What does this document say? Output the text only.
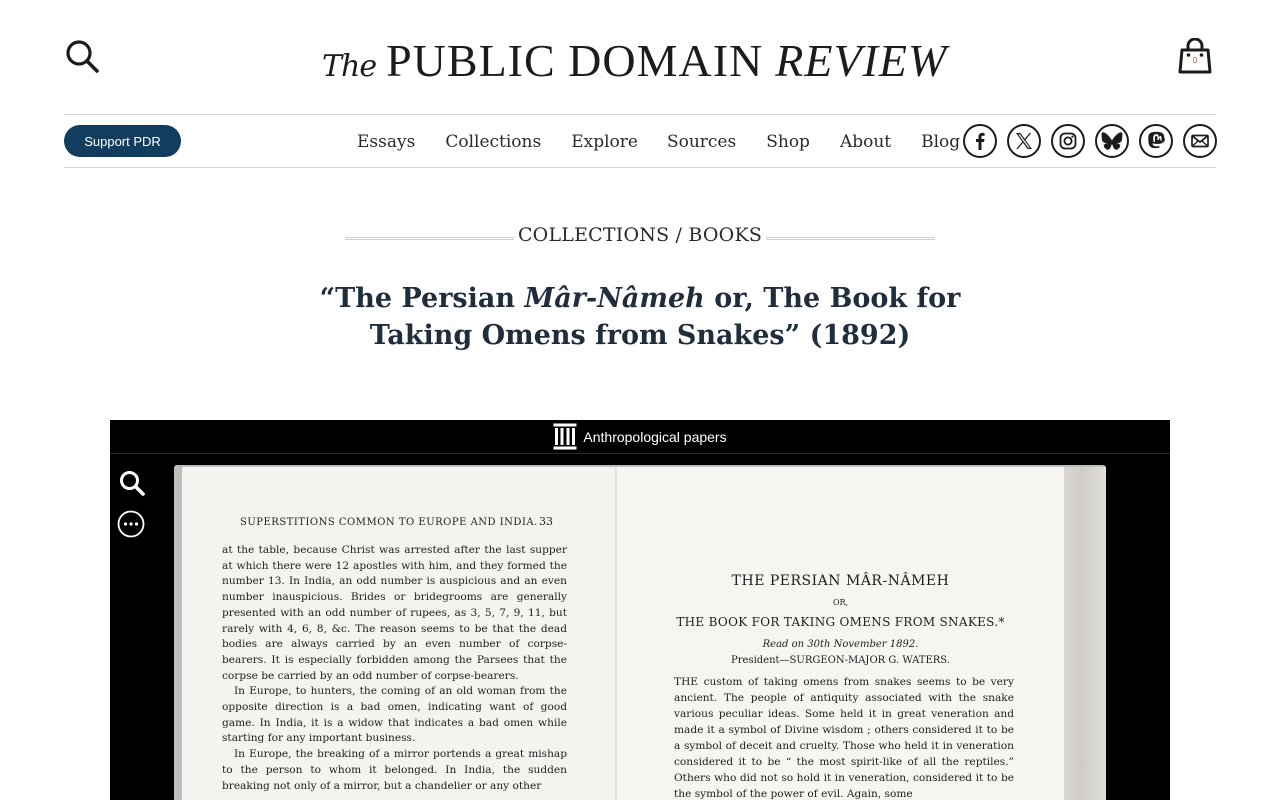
The PUBLIC DOMAIN REVIEW	0
Support PDR	Essays Collections Explore Sources Shop About Blog
COLLECTIONS / BOOKS
“The Persian Mâr-Nâmeh or, The Book for Taking Omens from Snakes” (1892)
Anthropological papers
SUPERSTITIONS COMMON TO EUROPE AND INDIA. 33

at the table, because Christ was arrested after the last supper at which there were 12 apostles with him, and they formed the number 13. In India, an odd number is auspicious and an even number inauspicious. Brides or bridegrooms are generally presented with an odd number of rupees, as 3, 5, 7, 9, 11, but rarely with 4, 6, 8, &c. The reason seems to be that the dead bodies are always carried by an even number of corpse-bearers. It is especially forbidden among the Parsees that the corpse be carried by an odd number of corpse-bearers.

In Europe, to hunters, the coming of an old woman from the opposite direction is a bad omen, indicating want of good game. In India, it is a widow that indicates a bad omen while starting for any important business.

In Europe, the breaking of a mirror portends a great mishap to the person to whom it belonged. In India, the sudden breaking not only of a mirror, but a chandelier or any other

THE PERSIAN MÂR-NÂMEH
OR,
THE BOOK FOR TAKING OMENS FROM SNAKES.*
Read on 30th November 1892.
President—SURGEON-MAJOR G. WATERS.
THE custom of taking omens from snakes seems to be very ancient. The people of antiquity associated with the snake various peculiar ideas. Some held it in great veneration and made it a symbol of Divine wisdom ; others considered it to be a symbol of deceit and cruelty. Those who held it in veneration considered it to be “ the most spirit-like of all the reptiles.” Others who did not so hold it in veneration, considered it to be the symbol of the power of evil. Again, some
